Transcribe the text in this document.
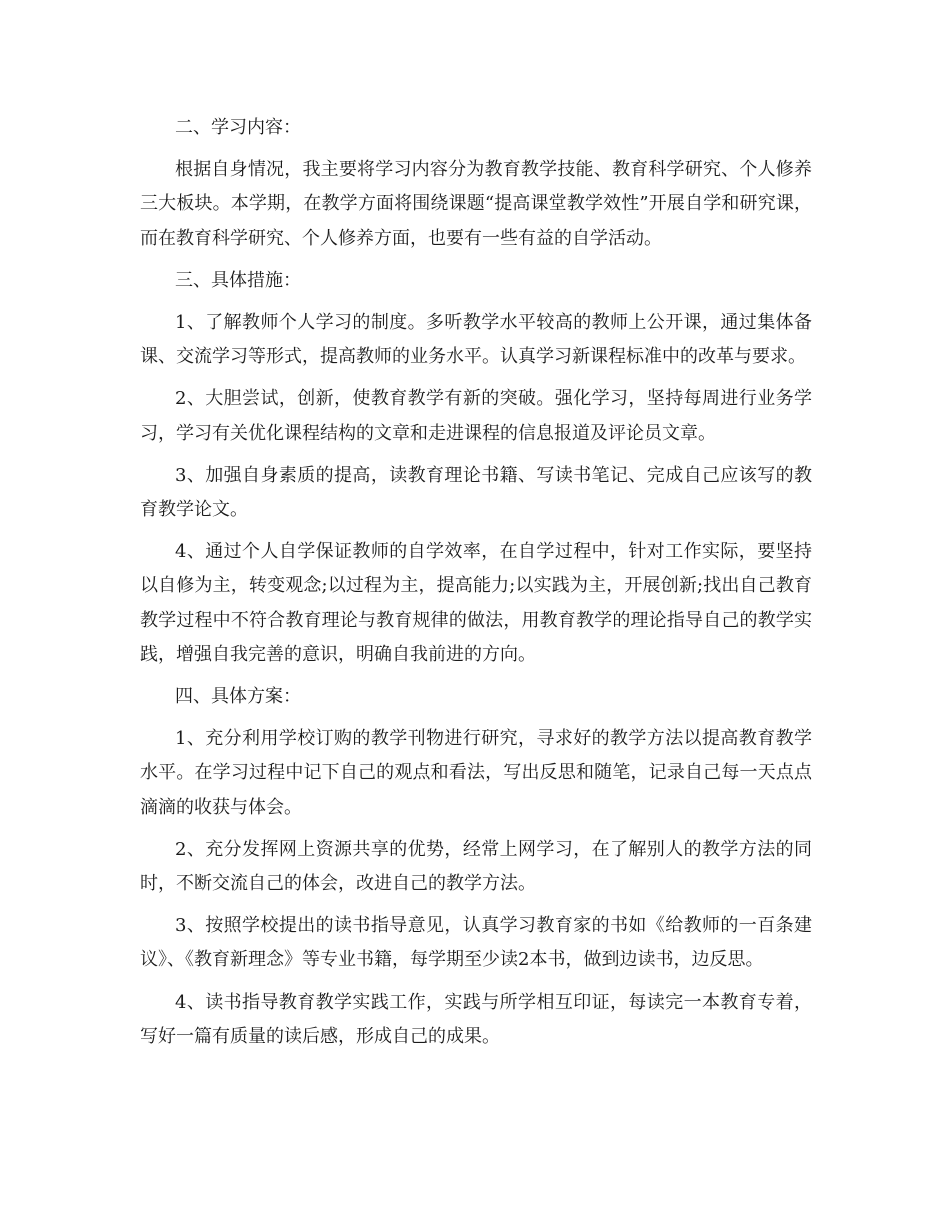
二、学习内容：

根据自身情况，我主要将学习内容分为教育教学技能、教育科学研究、个人修养三大板块。本学期，在教学方面将围绕课题“提高课堂教学效性”开展自学和研究课，而在教育科学研究、个人修养方面，也要有一些有益的自学活动。

三、具体措施：

1、了解教师个人学习的制度。多听教学水平较高的教师上公开课，通过集体备课、交流学习等形式，提高教师的业务水平。认真学习新课程标准中的改革与要求。

2、大胆尝试，创新，使教育教学有新的突破。强化学习，坚持每周进行业务学习，学习有关优化课程结构的文章和走进课程的信息报道及评论员文章。

3、加强自身素质的提高，读教育理论书籍、写读书笔记、完成自己应该写的教育教学论文。

4、通过个人自学保证教师的自学效率，在自学过程中，针对工作实际，要坚持以自修为主，转变观念;以过程为主，提高能力;以实践为主，开展创新;找出自己教育教学过程中不符合教育理论与教育规律的做法，用教育教学的理论指导自己的教学实践，增强自我完善的意识，明确自我前进的方向。

四、具体方案：

1、充分利用学校订购的教学刊物进行研究，寻求好的教学方法以提高教育教学水平。在学习过程中记下自己的观点和看法，写出反思和随笔，记录自己每一天点点滴滴的收获与体会。

2、充分发挥网上资源共享的优势，经常上网学习，在了解别人的教学方法的同时，不断交流自己的体会，改进自己的教学方法。

3、按照学校提出的读书指导意见，认真学习教育家的书如《给教师的一百条建议》、《教育新理念》等专业书籍，每学期至少读2本书，做到边读书，边反思。

4、读书指导教育教学实践工作，实践与所学相互印证，每读完一本教育专着，写好一篇有质量的读后感，形成自己的成果。
